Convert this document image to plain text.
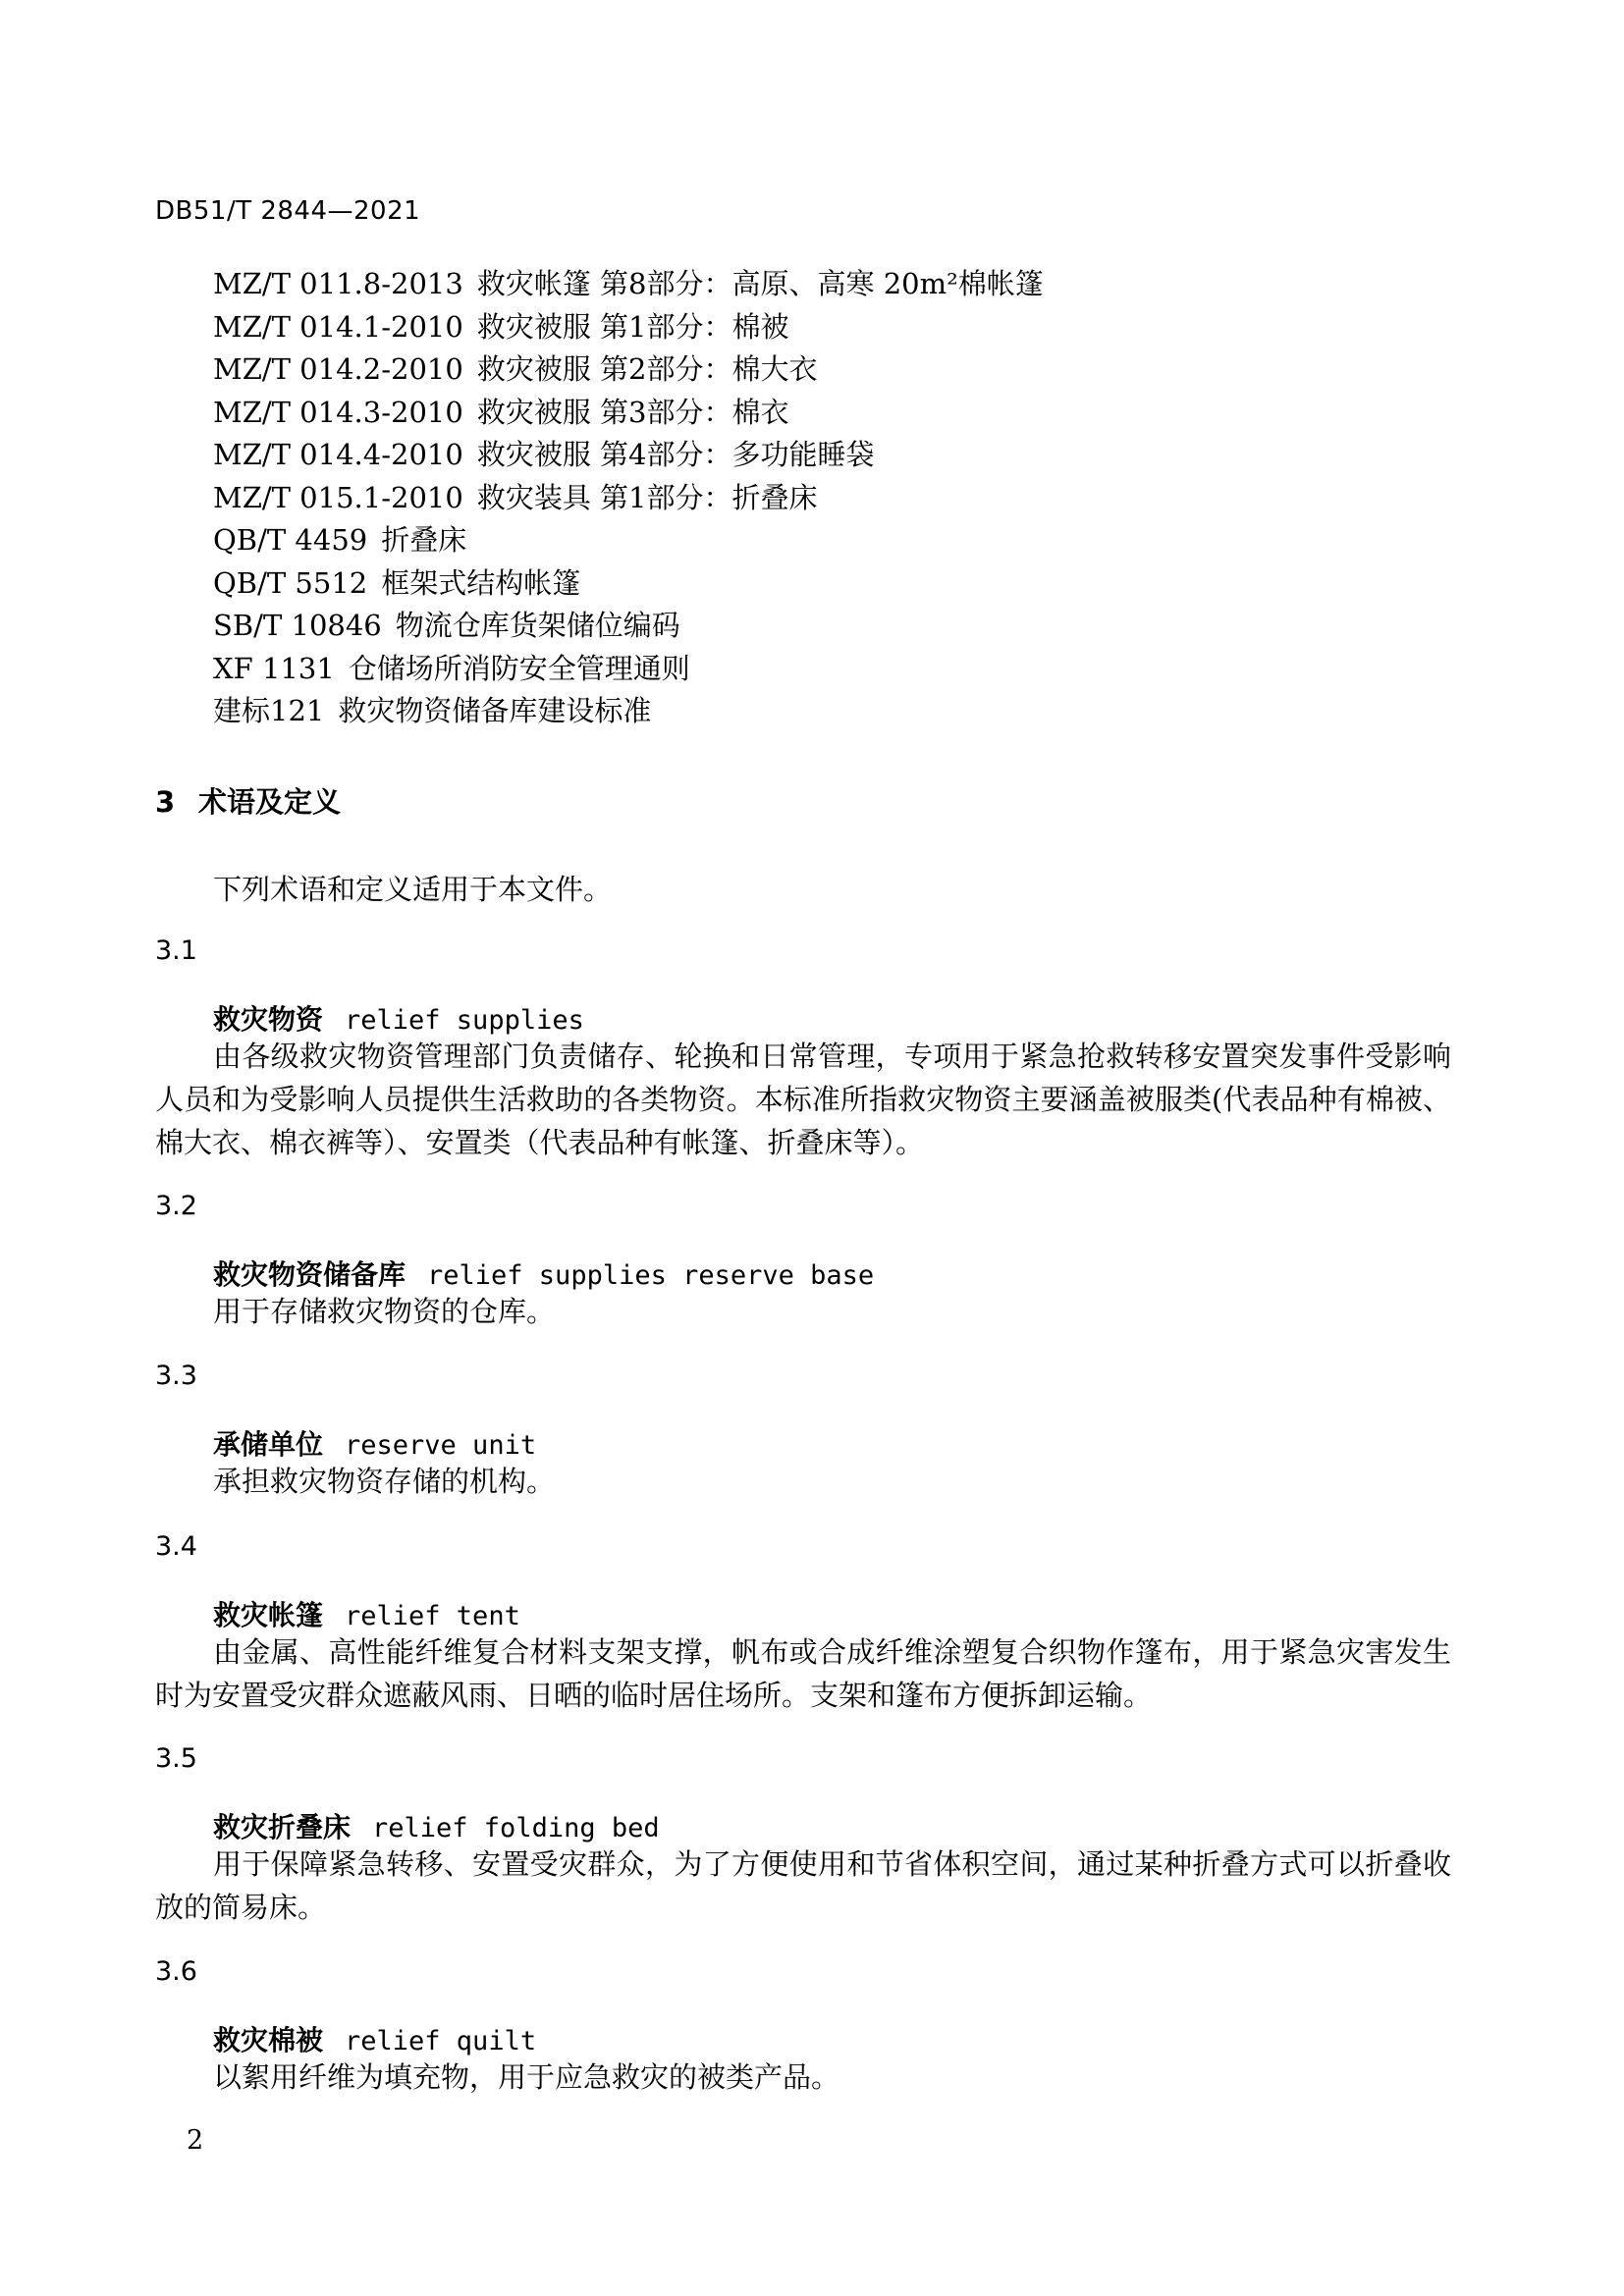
DB51/T 2844—2021
MZ/T 011.8-2013 救灾帐篷 第8部分：高原、高寒 20m²棉帐篷
MZ/T 014.1-2010 救灾被服 第1部分：棉被
MZ/T 014.2-2010 救灾被服 第2部分：棉大衣
MZ/T 014.3-2010 救灾被服 第3部分：棉衣
MZ/T 014.4-2010 救灾被服 第4部分：多功能睡袋
MZ/T 015.1-2010 救灾装具 第1部分：折叠床
QB/T 4459 折叠床
QB/T 5512 框架式结构帐篷
SB/T 10846 物流仓库货架储位编码
XF 1131 仓储场所消防安全管理通则
建标121 救灾物资储备库建设标准
3 术语及定义
下列术语和定义适用于本文件。
3.1
救灾物资 relief supplies

由各级救灾物资管理部门负责储存、轮换和日常管理，专项用于紧急抢救转移安置突发事件受影响人员和为受影响人员提供生活救助的各类物资。本标准所指救灾物资主要涵盖被服类(代表品种有棉被、棉大衣、棉衣裤等）、安置类（代表品种有帐篷、折叠床等）。

3.2
救灾物资储备库 relief supplies reserve base

用于存储救灾物资的仓库。

3.3
承储单位 reserve unit

承担救灾物资存储的机构。

3.4
救灾帐篷 relief tent

由金属、高性能纤维复合材料支架支撑，帆布或合成纤维涂塑复合织物作篷布，用于紧急灾害发生时为安置受灾群众遮蔽风雨、日晒的临时居住场所。支架和篷布方便拆卸运输。

3.5
救灾折叠床 relief folding bed

用于保障紧急转移、安置受灾群众，为了方便使用和节省体积空间，通过某种折叠方式可以折叠收放的简易床。

3.6
救灾棉被 relief quilt

以絮用纤维为填充物，用于应急救灾的被类产品。

2
